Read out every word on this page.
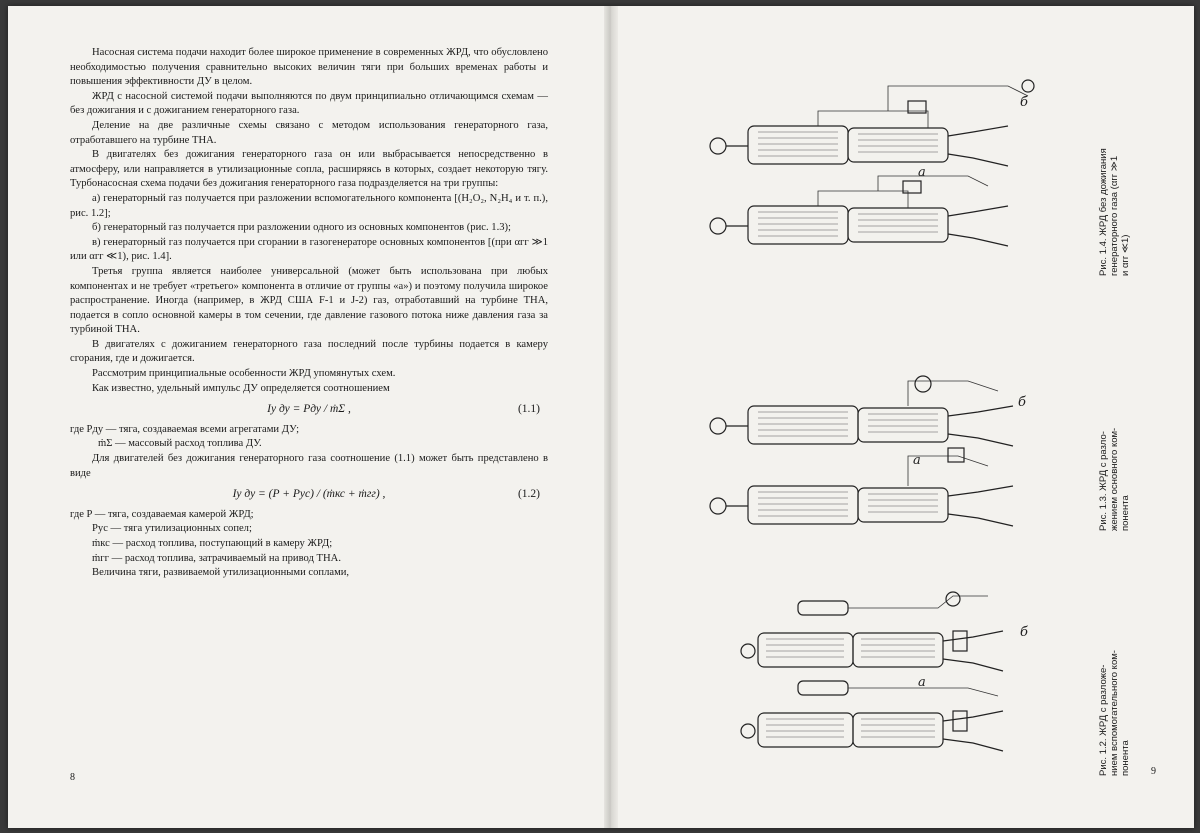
Насосная система подачи находит более широкое применение в современных ЖРД, что обусловлено необходимостью получения сравнительно высоких величин тяги при больших временах работы и повышения эффективности ДУ в целом.

ЖРД с насосной системой подачи выполняются по двум принципиально отличающимся схемам — без дожигания и с дожиганием генераторного газа.

Деление на две различные схемы связано с методом использования генераторного газа, отработавшего на турбине ТНА.

В двигателях без дожигания генераторного газа он или выбрасывается непосредственно в атмосферу, или направляется в утилизационные сопла, расширяясь в которых, создает некоторую тягу. Турбонасосная схема подачи без дожигания генераторного газа подразделяется на три группы:

а) генераторный газ получается при разложении вспомогательного компонента [(H₂O₂, N₂H₄ и т. п.), рис. 1.2];

б) генераторный газ получается при разложении одного из основных компонентов (рис. 1.3);

в) генераторный газ получается при сгорании в газогенераторе основных компонентов [(при αгг ≫1 или αгг ≪1), рис. 1.4].

Третья группа является наиболее универсальной (может быть использована при любых компонентах и не требует «третьего» компонента в отличие от группы «а») и поэтому получила широкое распространение. Иногда (например, в ЖРД США F-1 и J-2) газ, отработавший на турбине ТНА, подается в сопло основной камеры в том сечении, где давление газового потока ниже давления газа за турбиной ТНА.

В двигателях с дожиганием генераторного газа последний после турбины подается в камеру сгорания, где и дожигается.

Рассмотрим принципиальные особенности ЖРД упомянутых схем.

Как известно, удельный импульс ДУ определяется соотношением

Iу ду = Pду / ṁΣ ,	(1.1)

где Pду — тяга, создаваемая всеми агрегатами ДУ;

ṁΣ — массовый расход топлива ДУ.

Для двигателей без дожигания генераторного газа соотношение (1.1) может быть представлено в виде

Iу ду = (P + Pус) / (ṁкс + ṁгг) ,	(1.2)

где P — тяга, создаваемая камерой ЖРД;

Pус — тяга утилизационных сопел;

ṁкс — расход топлива, поступающий в камеру ЖРД;

ṁгг — расход топлива, затрачиваемый на привод ТНА.

Величина тяги, развиваемой утилизационными соплами,

8
а
б
Рис. 1.4. ЖРД без дожигания генераторного газа (αгг ≫1 и αгг ≪1)
а
б
Рис. 1.3. ЖРД с разло- жением основного ком- понента
а
б
Рис. 1.2. ЖРД с разложе- нием вспомогательного ком- понента 9
